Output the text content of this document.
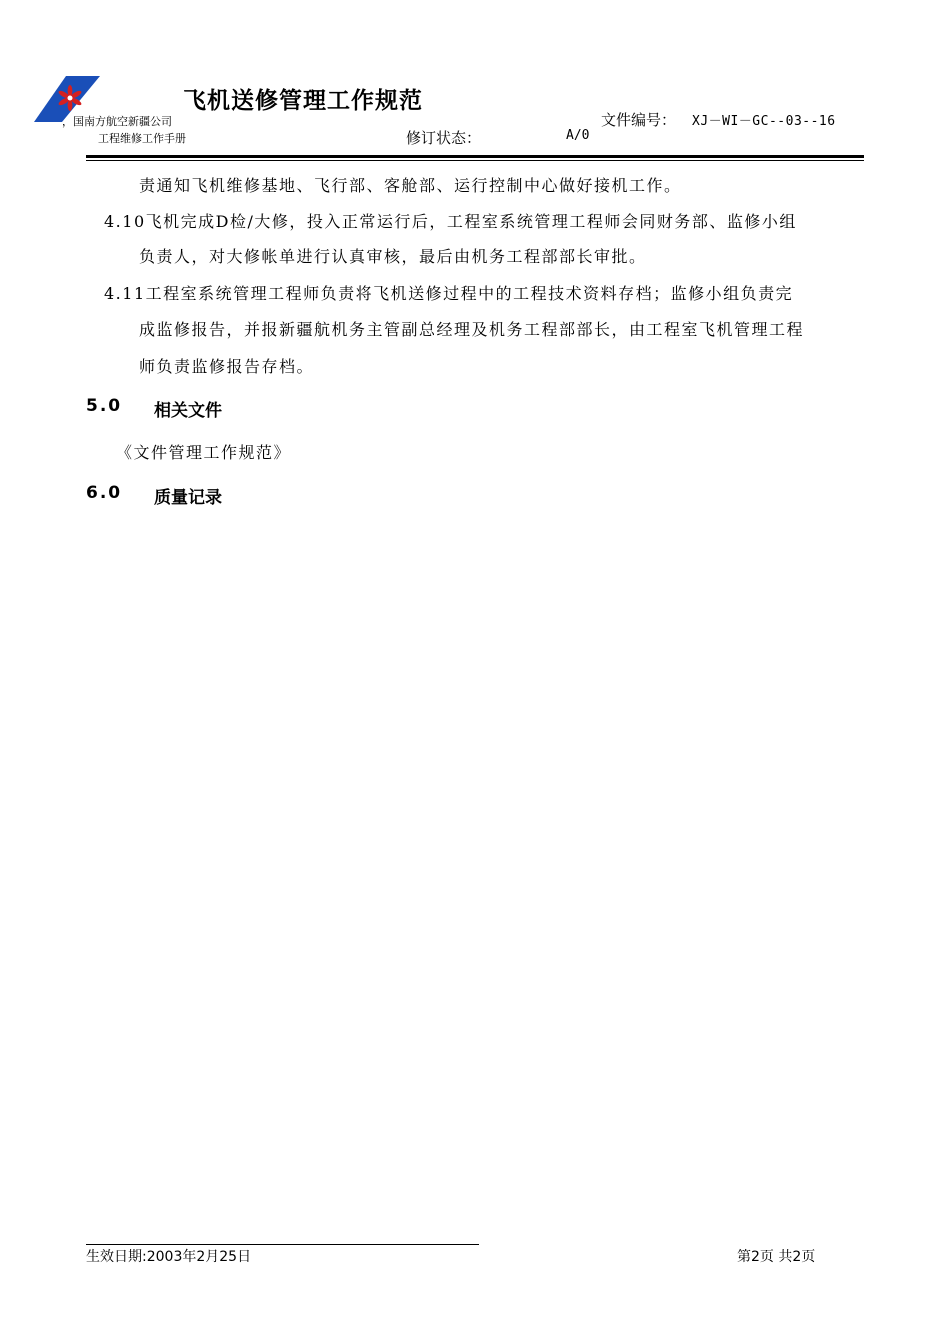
飞机送修管理工作规范
，国南方航空新疆公司
工程维修工作手册
文件编号： XJ－WI－GC--03--16
修订状态：	A/0
责通知飞机维修基地、飞行部、客舱部、运行控制中心做好接机工作。
4.10飞机完成D检/大修，投入正常运行后，工程室系统管理工程师会同财务部、监修小组
负责人，对大修帐单进行认真审核，最后由机务工程部部长审批。
4.11工程室系统管理工程师负责将飞机送修过程中的工程技术资料存档；监修小组负责完
成监修报告，并报新疆航机务主管副总经理及机务工程部部长，由工程室飞机管理工程
师负责监修报告存档。
5.0 相关文件
《文件管理工作规范》
6.0 质量记录
生效日期:2003年2月25日	第2页 共2页
